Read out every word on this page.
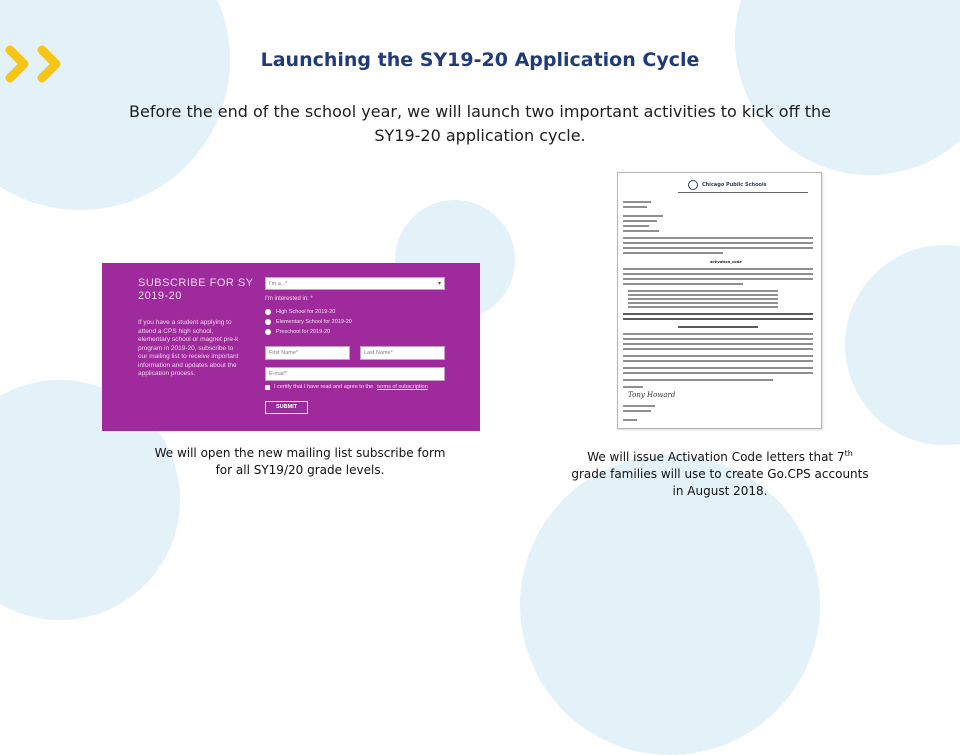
Launching the SY19-20 Application Cycle
Before the end of the school year, we will launch two important activities to kick off the SY19-20 application cycle.
SUBSCRIBE FOR SY 2019-20
If you have a student applying to attend a CPS high school, elementary school or magnet pre-k program in 2019-20, subscribe to our mailing list to receive important information and updates about the application process.
I'm a...*	▾
I'm interested in: *
High School for 2019-20
Elementary School for 2019-20
Preschool for 2019-20
First Name*	Last Name*
E-mail*
I certify that I have read and agree to the terms of subscription
SUBMIT
We will open the new mailing list subscribe form for all SY19/20 grade levels.
Chicago Public Schools
activation_code
Tony Howard
We will issue Activation Code letters that 7th grade families will use to create Go.CPS accounts in August 2018.
